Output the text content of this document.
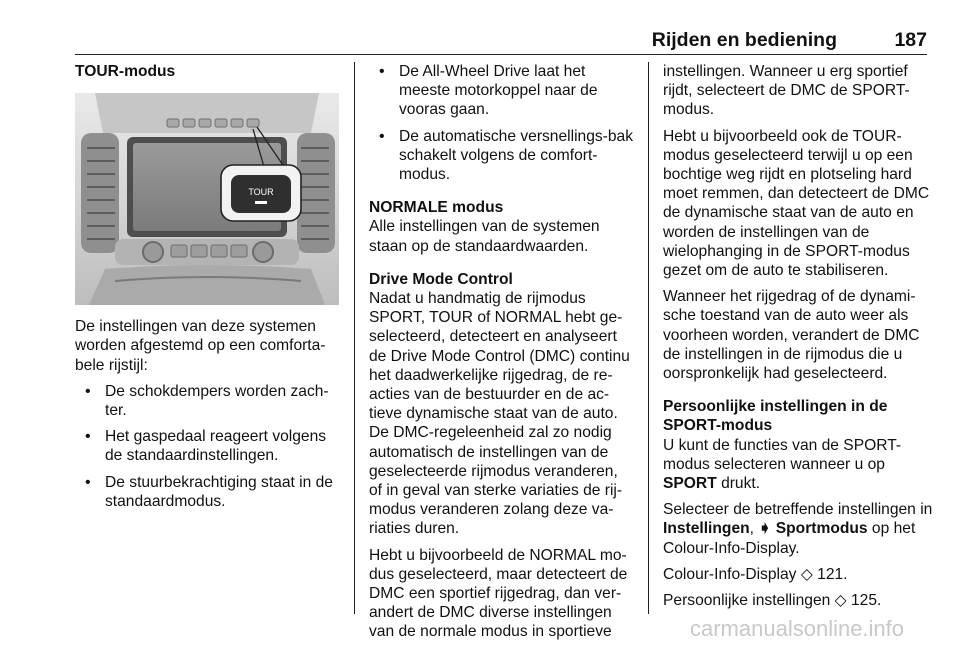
Rijden en bediening	187

TOUR-modus

TOUR

De instellingen van deze systemen worden afgestemd op een comforta-bele rijstijl:

• De schokdempers worden zach-ter.
• Het gaspedaal reageert volgens de standaardinstellingen.
• De stuurbekrachtiging staat in de standaardmodus.
• De All-Wheel Drive laat het meeste motorkoppel naar de vooras gaan.
• De automatische versnellings-bak schakelt volgens de comfort-modus.

NORMALE modus

Alle instellingen van de systemen staan op de standaardwaarden.

Drive Mode Control

Nadat u handmatig de rijmodus SPORT, TOUR of NORMAL hebt ge-selecteerd, detecteert en analyseert de Drive Mode Control (DMC) continu het daadwerkelijke rijgedrag, de re-acties van de bestuurder en de ac-tieve dynamische staat van de auto. De DMC-regeleenheid zal zo nodig automatisch de instellingen van de geselecteerde rijmodus veranderen, of in geval van sterke variaties de rij-modus veranderen zolang deze va-riaties duren.

Hebt u bijvoorbeeld de NORMAL mo-dus geselecteerd, maar detecteert de DMC een sportief rijgedrag, dan ver-andert de DMC diverse instellingen van de normale modus in sportieve

instellingen. Wanneer u erg sportief rijdt, selecteert de DMC de SPORT-modus.

Hebt u bijvoorbeeld ook de TOUR-modus geselecteerd terwijl u op een bochtige weg rijdt en plotseling hard moet remmen, dan detecteert de DMC de dynamische staat van de auto en worden de instellingen van de wielophanging in de SPORT-modus gezet om de auto te stabiliseren.

Wanneer het rijgedrag of de dynami-sche toestand van de auto weer als voorheen worden, verandert de DMC de instellingen in de rijmodus die u oorspronkelijk had geselecteerd.

Persoonlijke instellingen in de SPORT-modus

U kunt de functies van de SPORT-modus selecteren wanneer u op SPORT drukt.

Selecteer de betreffende instellingen in Instellingen, ➧ Sportmodus op het Colour-Info-Display.

Colour-Info-Display ◇ 121.

Persoonlijke instellingen ◇ 125.

carmanualsonline.info
